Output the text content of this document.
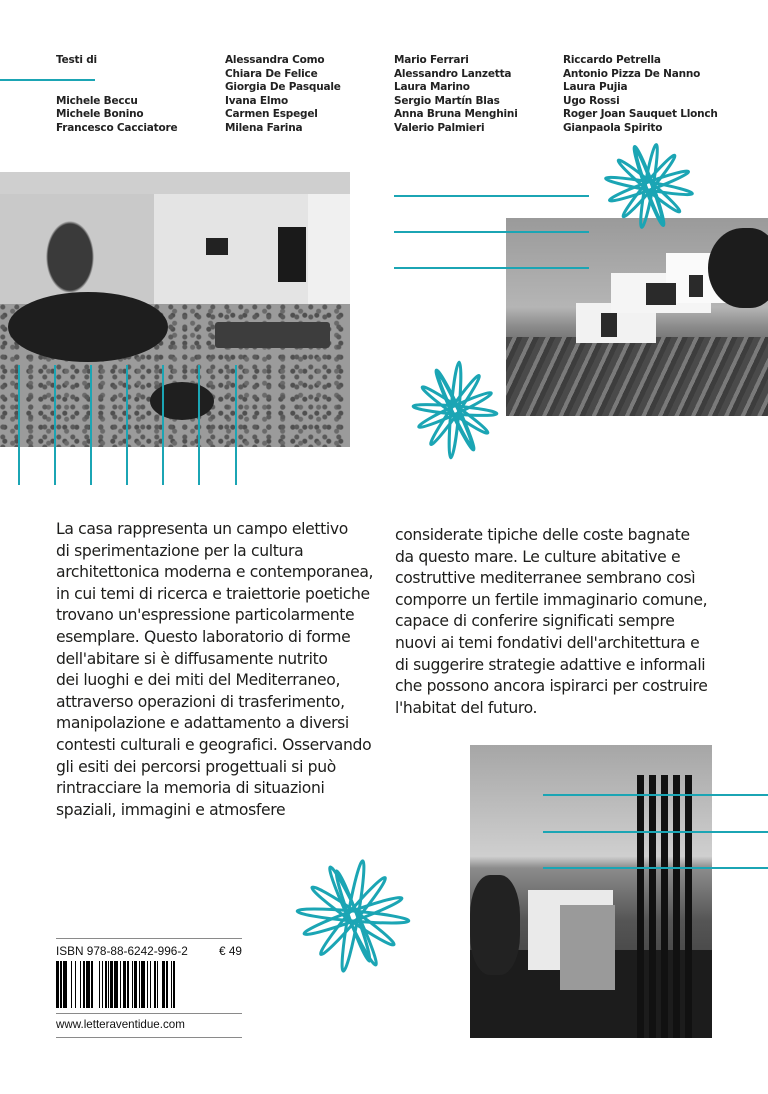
Testi di
Michele Beccu
Michele Bonino
Francesco Cacciatore
Alessandra Como
Chiara De Felice
Giorgia De Pasquale
Ivana Elmo
Carmen Espegel
Milena Farina
Mario Ferrari
Alessandro Lanzetta
Laura Marino
Sergio Martín Blas
Anna Bruna Menghini
Valerio Palmieri
Riccardo Petrella
Antonio Pizza De Nanno
Laura Pujia
Ugo Rossi
Roger Joan Sauquet Llonch
Gianpaola Spirito
La casa rappresenta un campo elettivo
di sperimentazione per la cultura
architettonica moderna e contemporanea,
in cui temi di ricerca e traiettorie poetiche
trovano un'espressione particolarmente
esemplare. Questo laboratorio di forme
dell'abitare si è diffusamente nutrito
dei luoghi e dei miti del Mediterraneo,
attraverso operazioni di trasferimento,
manipolazione e adattamento a diversi
contesti culturali e geografici. Osservando
gli esiti dei percorsi progettuali si può
rintracciare la memoria di situazioni
spaziali, immagini e atmosfere
considerate tipiche delle coste bagnate
da questo mare. Le culture abitative e
costruttive mediterranee sembrano così
comporre un fertile immaginario comune,
capace di conferire significati sempre
nuovi ai temi fondativi dell'architettura e
di suggerire strategie adattive e informali
che possono ancora ispirarci per costruire
l'habitat del futuro.
ISBN 978-88-6242-996-2	€ 49
www.letteraventidue.com
